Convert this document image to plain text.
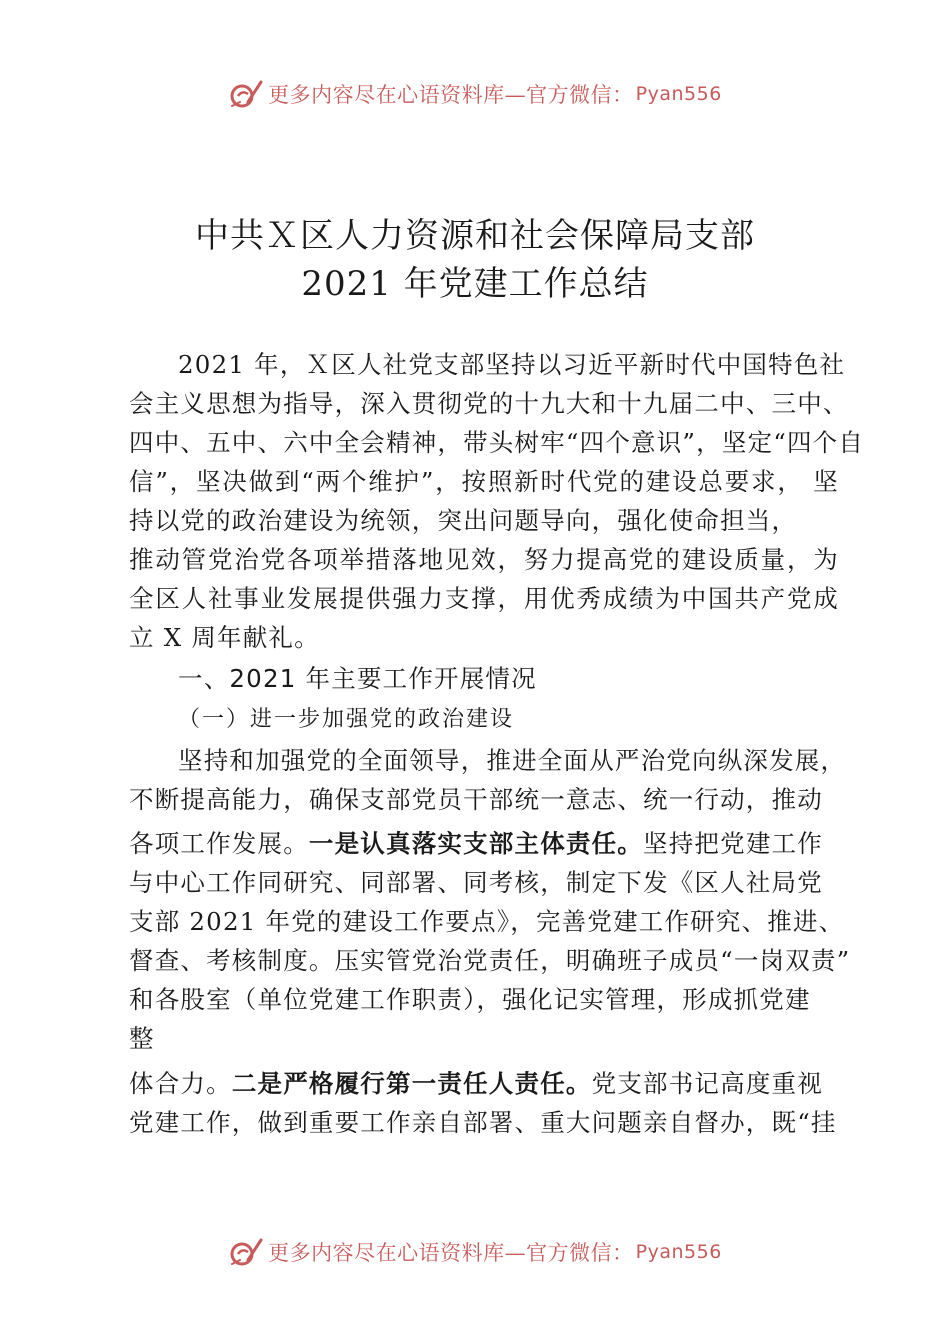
更多内容尽在心语资料库—官方微信： Pyan556
中共Ｘ区人力资源和社会保障局支部
2021 年党建工作总结
2021 年，Ｘ区人社党支部坚持以习近平新时代中国特色社
会主义思想为指导，深入贯彻党的十九大和十九届二中、三中、
四中、五中、六中全会精神，带头树牢“四个意识”，坚定“四个自
信”，坚决做到“两个维护”，按照新时代党的建设总要求， 坚
持以党的政治建设为统领，突出问题导向，强化使命担当，
推动管党治党各项举措落地见效，努力提高党的建设质量，为
全区人社事业发展提供强力支撑，用优秀成绩为中国共产党成
立 X 周年献礼。
一、2021 年主要工作开展情况
（一）进一步加强党的政治建设
坚持和加强党的全面领导，推进全面从严治党向纵深发展，
不断提高能力，确保支部党员干部统一意志、统一行动，推动
各项工作发展。一是认真落实支部主体责任。坚持把党建工作
与中心工作同研究、同部署、同考核，制定下发《区人社局党
支部 2021 年党的建设工作要点》，完善党建工作研究、推进、
督查、考核制度。压实管党治党责任，明确班子成员“一岗双责”
和各股室（单位党建工作职责），强化记实管理，形成抓党建
整
体合力。二是严格履行第一责任人责任。党支部书记高度重视
党建工作，做到重要工作亲自部署、重大问题亲自督办，既“挂
更多内容尽在心语资料库—官方微信： Pyan556
